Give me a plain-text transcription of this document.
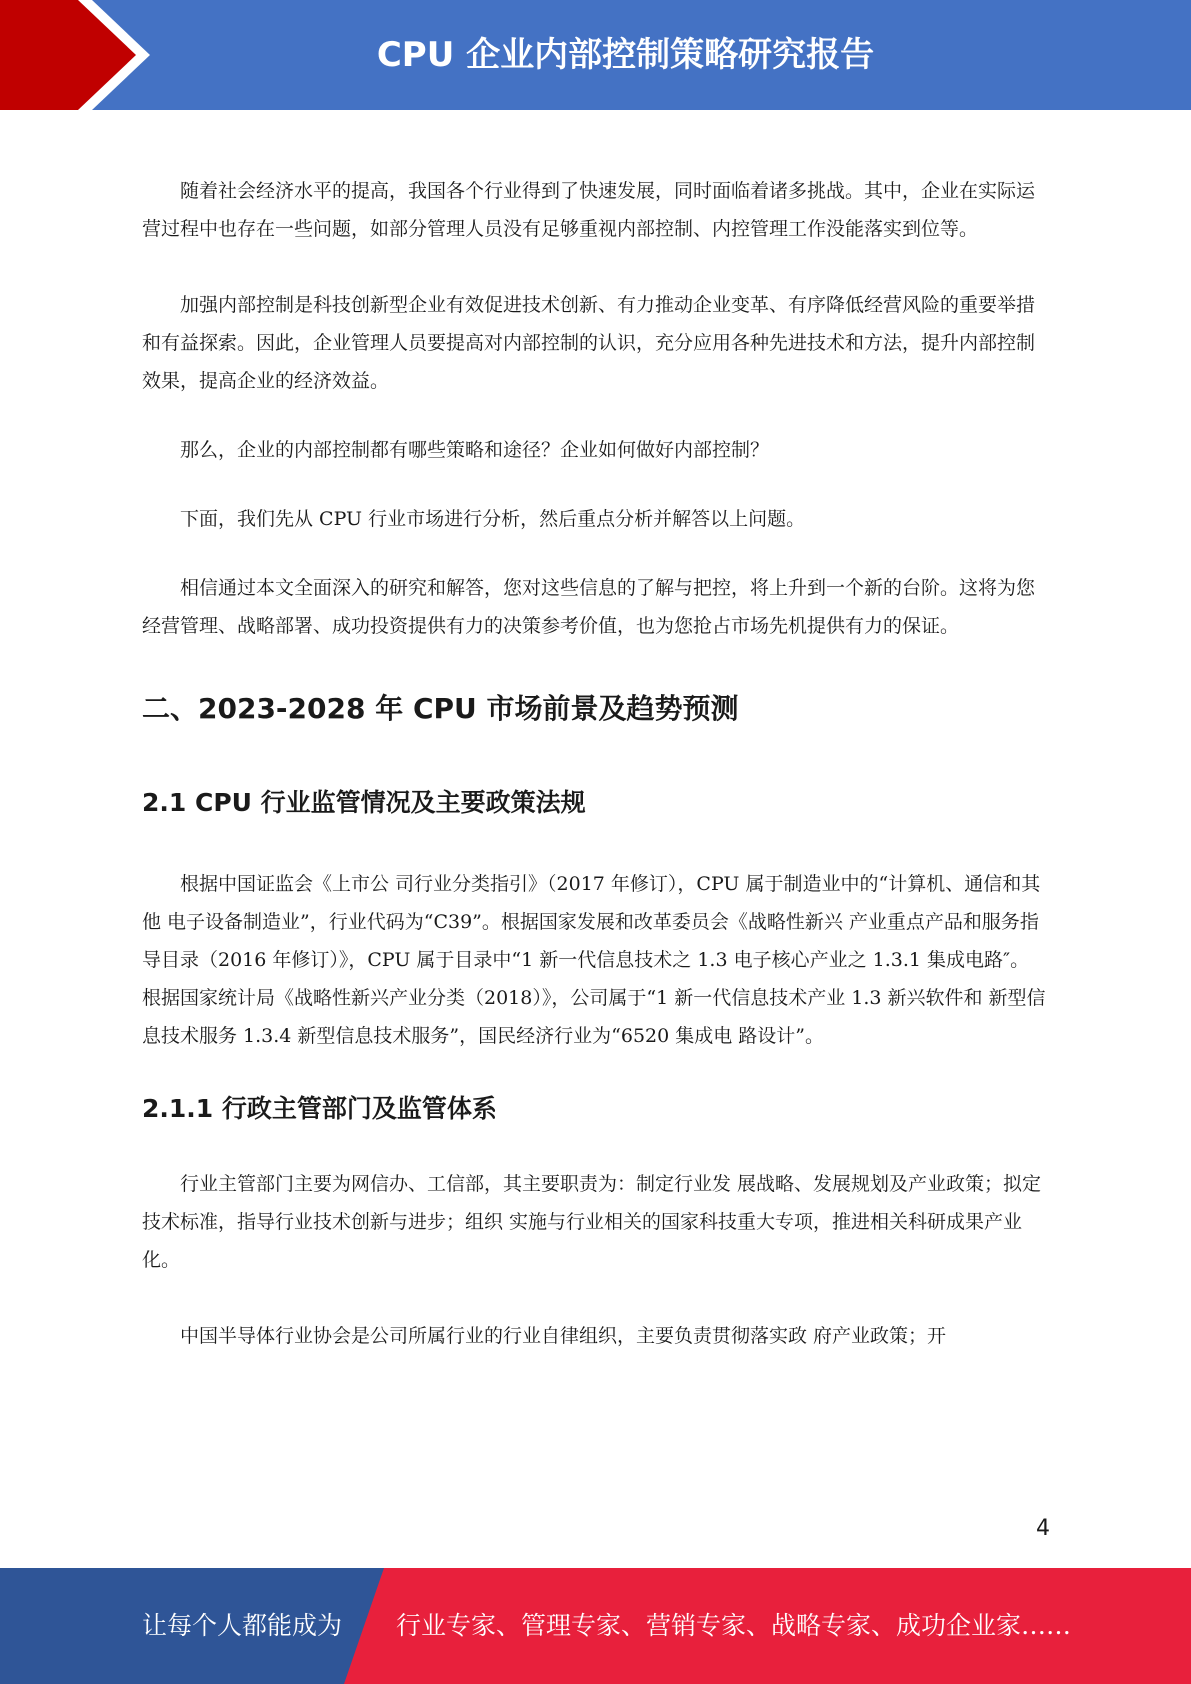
CPU 企业内部控制策略研究报告

随着社会经济水平的提高，我国各个行业得到了快速发展，同时面临着诸多挑战。其中，企业在实际运营过程中也存在一些问题，如部分管理人员没有足够重视内部控制、内控管理工作没能落实到位等。

加强内部控制是科技创新型企业有效促进技术创新、有力推动企业变革、有序降低经营风险的重要举措和有益探索。因此，企业管理人员要提高对内部控制的认识，充分应用各种先进技术和方法，提升内部控制效果，提高企业的经济效益。

那么，企业的内部控制都有哪些策略和途径？企业如何做好内部控制？

下面，我们先从 CPU 行业市场进行分析，然后重点分析并解答以上问题。

相信通过本文全面深入的研究和解答，您对这些信息的了解与把控，将上升到一个新的台阶。这将为您经营管理、战略部署、成功投资提供有力的决策参考价值，也为您抢占市场先机提供有力的保证。

二、2023-2028 年 CPU 市场前景及趋势预测
2.1 CPU 行业监管情况及主要政策法规

根据中国证监会《上市公 司行业分类指引》（2017 年修订），CPU 属于制造业中的“计算机、通信和其他 电子设备制造业”，行业代码为“C39”。根据国家发展和改革委员会《战略性新兴 产业重点产品和服务指导目录（2016 年修订）》，CPU 属于目录中“1 新一代信息技术之 1.3 电子核心产业之 1.3.1 集成电路″。根据国家统计局《战略性新兴产业分类（2018）》，公司属于“1 新一代信息技术产业 1.3 新兴软件和 新型信息技术服务 1.3.4 新型信息技术服务”，国民经济行业为“6520 集成电 路设计”。

2.1.1 行政主管部门及监管体系

行业主管部门主要为网信办、工信部，其主要职责为：制定行业发 展战略、发展规划及产业政策；拟定技术标准，指导行业技术创新与进步；组织 实施与行业相关的国家科技重大专项，推进相关科研成果产业化。

中国半导体行业协会是公司所属行业的行业自律组织，主要负责贯彻落实政 府产业政策；开

4
让每个人都能成为 行业专家、管理专家、营销专家、战略专家、成功企业家……
